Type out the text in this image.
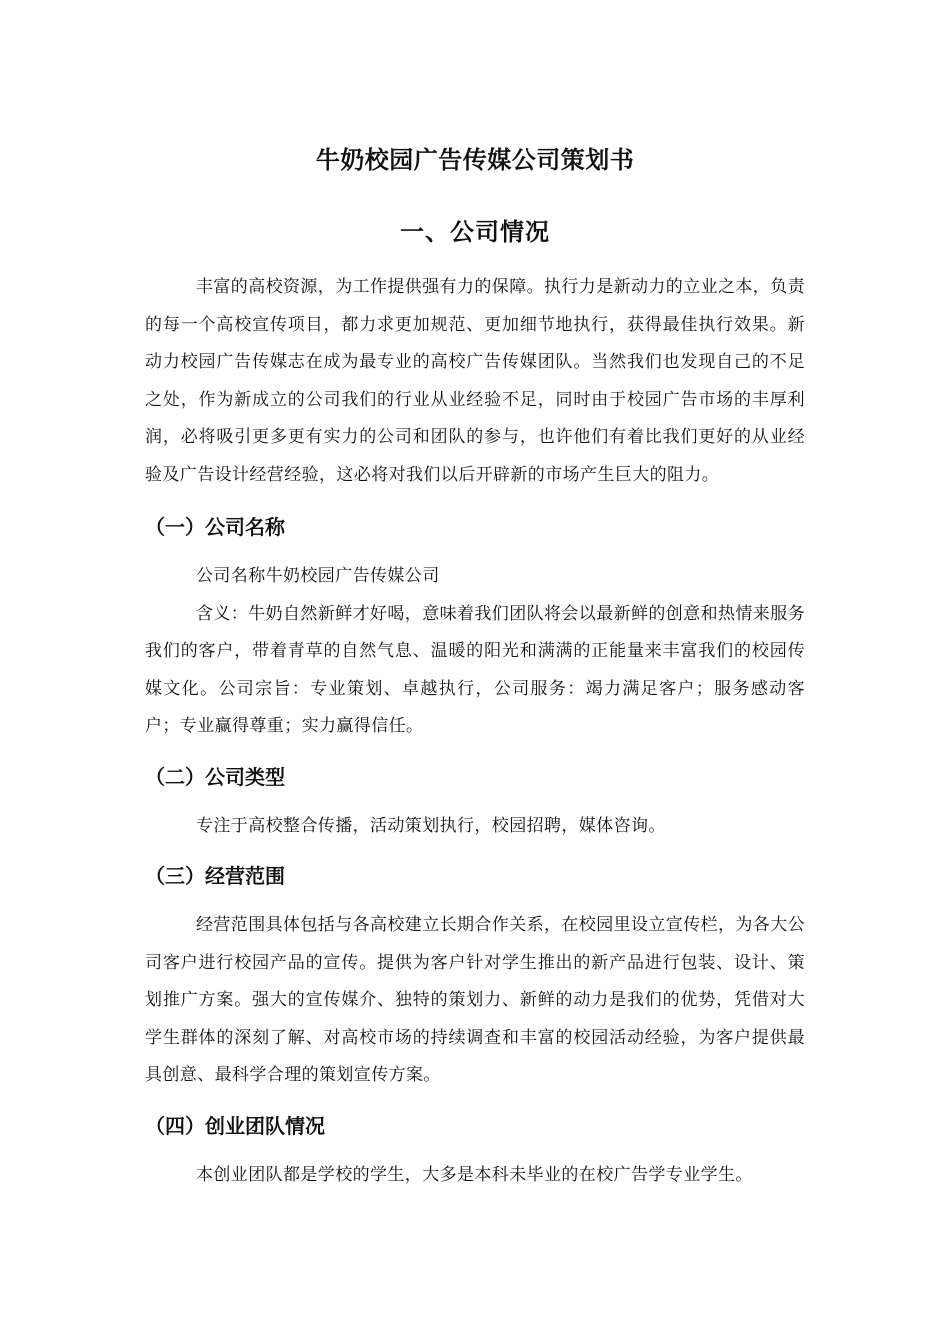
牛奶校园广告传媒公司策划书
一、公司情况

丰富的高校资源，为工作提供强有力的保障。执行力是新动力的立业之本，负责的每一个高校宣传项目，都力求更加规范、更加细节地执行，获得最佳执行效果。新动力校园广告传媒志在成为最专业的高校广告传媒团队。当然我们也发现自己的不足之处，作为新成立的公司我们的行业从业经验不足，同时由于校园广告市场的丰厚利润，必将吸引更多更有实力的公司和团队的参与，也许他们有着比我们更好的从业经验及广告设计经营经验，这必将对我们以后开辟新的市场产生巨大的阻力。

（一）公司名称

公司名称牛奶校园广告传媒公司

含义：牛奶自然新鲜才好喝，意味着我们团队将会以最新鲜的创意和热情来服务我们的客户，带着青草的自然气息、温暖的阳光和满满的正能量来丰富我们的校园传媒文化。公司宗旨：专业策划、卓越执行，公司服务：竭力满足客户；服务感动客户；专业赢得尊重；实力赢得信任。

（二）公司类型

专注于高校整合传播，活动策划执行，校园招聘，媒体咨询。

（三）经营范围

经营范围具体包括与各高校建立长期合作关系，在校园里设立宣传栏，为各大公司客户进行校园产品的宣传。提供为客户针对学生推出的新产品进行包装、设计、策划推广方案。强大的宣传媒介、独特的策划力、新鲜的动力是我们的优势，凭借对大学生群体的深刻了解、对高校市场的持续调查和丰富的校园活动经验，为客户提供最具创意、最科学合理的策划宣传方案。

（四）创业团队情况

本创业团队都是学校的学生，大多是本科未毕业的在校广告学专业学生。
